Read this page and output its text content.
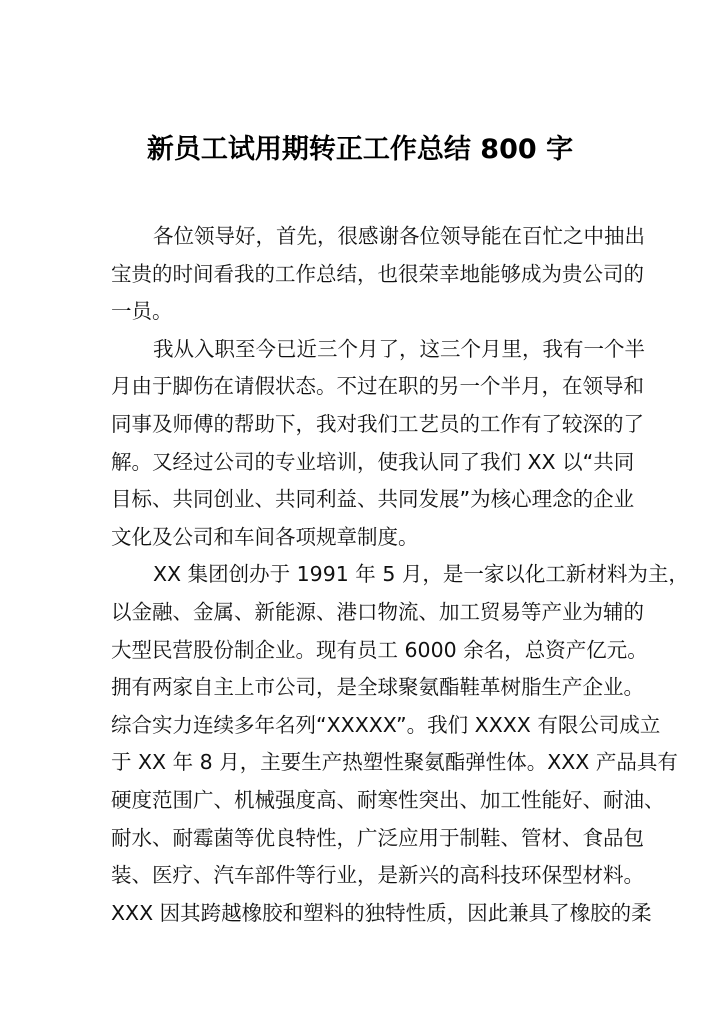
新员工试用期转正工作总结 800 字

各位领导好，首先，很感谢各位领导能在百忙之中抽出
宝贵的时间看我的工作总结，也很荣幸地能够成为贵公司的
一员。

我从入职至今已近三个月了，这三个月里，我有一个半
月由于脚伤在请假状态。不过在职的另一个半月，在领导和
同事及师傅的帮助下，我对我们工艺员的工作有了较深的了
解。又经过公司的专业培训，使我认同了我们 XX 以“共同
目标、共同创业、共同利益、共同发展”为核心理念的企业
文化及公司和车间各项规章制度。

XX 集团创办于 1991 年 5 月，是一家以化工新材料为主，
以金融、金属、新能源、港口物流、加工贸易等产业为辅的
大型民营股份制企业。现有员工 6000 余名，总资产亿元。
拥有两家自主上市公司，是全球聚氨酯鞋革树脂生产企业。
综合实力连续多年名列“XXXXX”。我们 XXXX 有限公司成立
于 XX 年 8 月，主要生产热塑性聚氨酯弹性体。XXX 产品具有
硬度范围广、机械强度高、耐寒性突出、加工性能好、耐油、
耐水、耐霉菌等优良特性，广泛应用于制鞋、管材、食品包
装、医疗、汽车部件等行业，是新兴的高科技环保型材料。
XXX 因其跨越橡胶和塑料的独特性质，因此兼具了橡胶的柔
